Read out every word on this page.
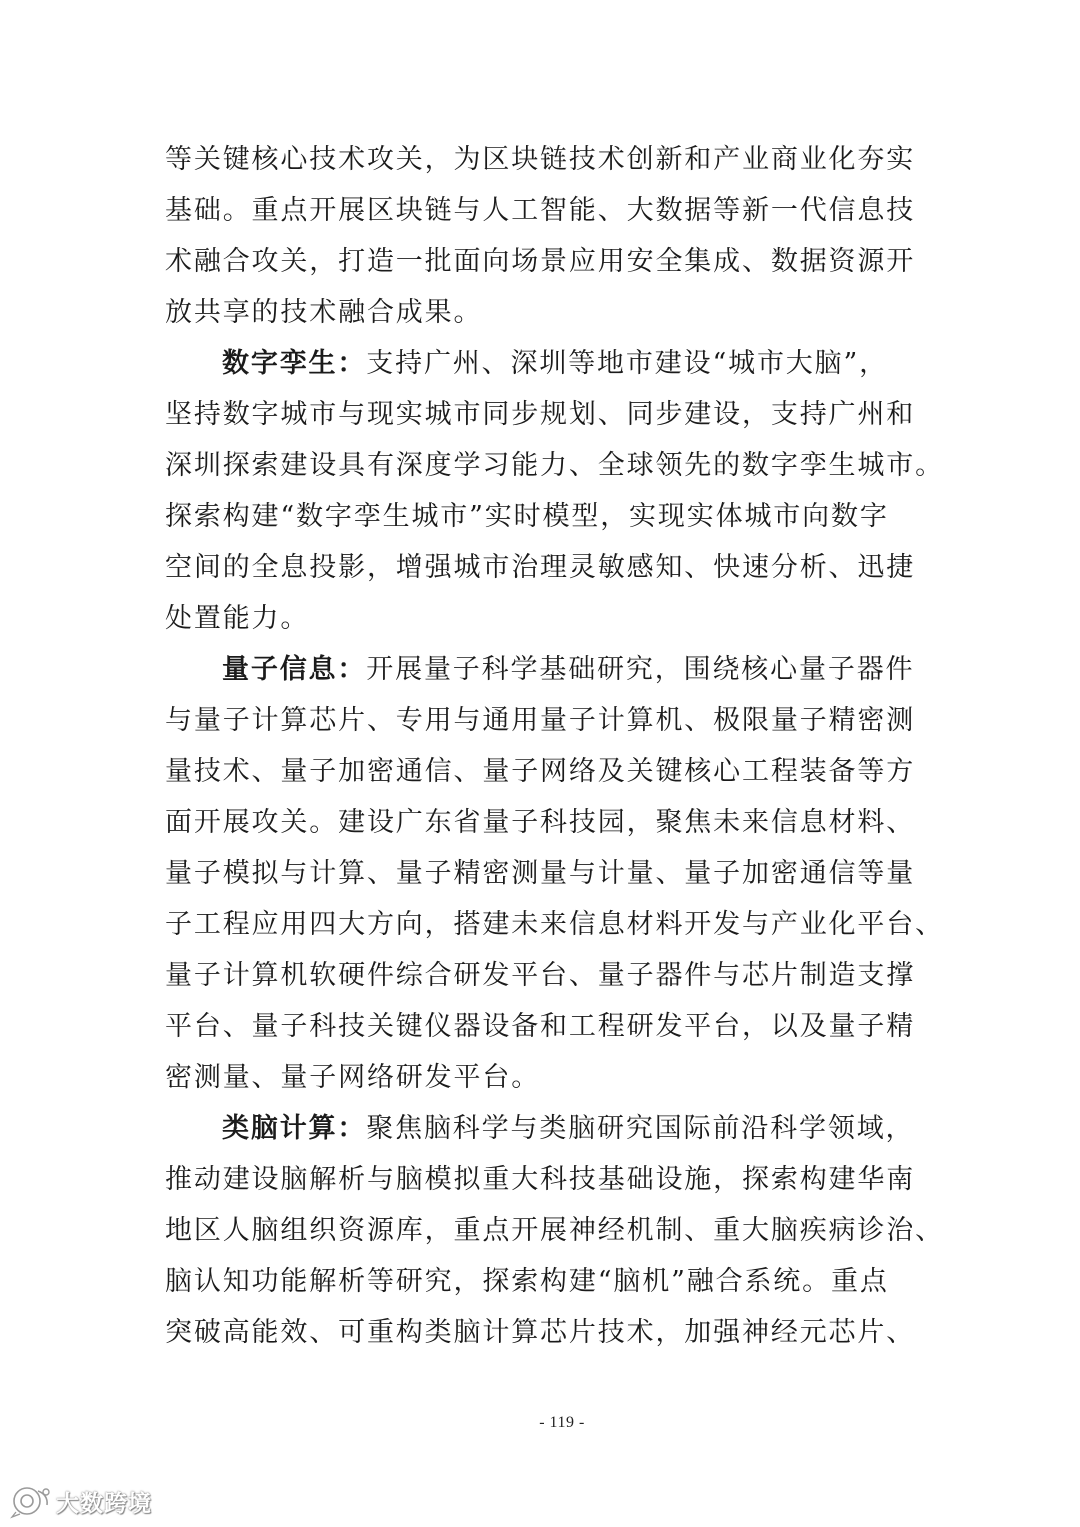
等关键核心技术攻关，为区块链技术创新和产业商业化夯实
基础。重点开展区块链与人工智能、大数据等新一代信息技
术融合攻关，打造一批面向场景应用安全集成、数据资源开
放共享的技术融合成果。
数字孪生：支持广州、深圳等地市建设“城市大脑”，
坚持数字城市与现实城市同步规划、同步建设，支持广州和
深圳探索建设具有深度学习能力、全球领先的数字孪生城市。
探索构建“数字孪生城市”实时模型，实现实体城市向数字
空间的全息投影，增强城市治理灵敏感知、快速分析、迅捷
处置能力。
量子信息：开展量子科学基础研究，围绕核心量子器件
与量子计算芯片、专用与通用量子计算机、极限量子精密测
量技术、量子加密通信、量子网络及关键核心工程装备等方
面开展攻关。建设广东省量子科技园，聚焦未来信息材料、
量子模拟与计算、量子精密测量与计量、量子加密通信等量
子工程应用四大方向，搭建未来信息材料开发与产业化平台、
量子计算机软硬件综合研发平台、量子器件与芯片制造支撑
平台、量子科技关键仪器设备和工程研发平台，以及量子精
密测量、量子网络研发平台。
类脑计算：聚焦脑科学与类脑研究国际前沿科学领域，
推动建设脑解析与脑模拟重大科技基础设施，探索构建华南
地区人脑组织资源库，重点开展神经机制、重大脑疾病诊治、
脑认知功能解析等研究，探索构建“脑机”融合系统。重点
突破高能效、可重构类脑计算芯片技术，加强神经元芯片、
- 119 -
大数跨境
